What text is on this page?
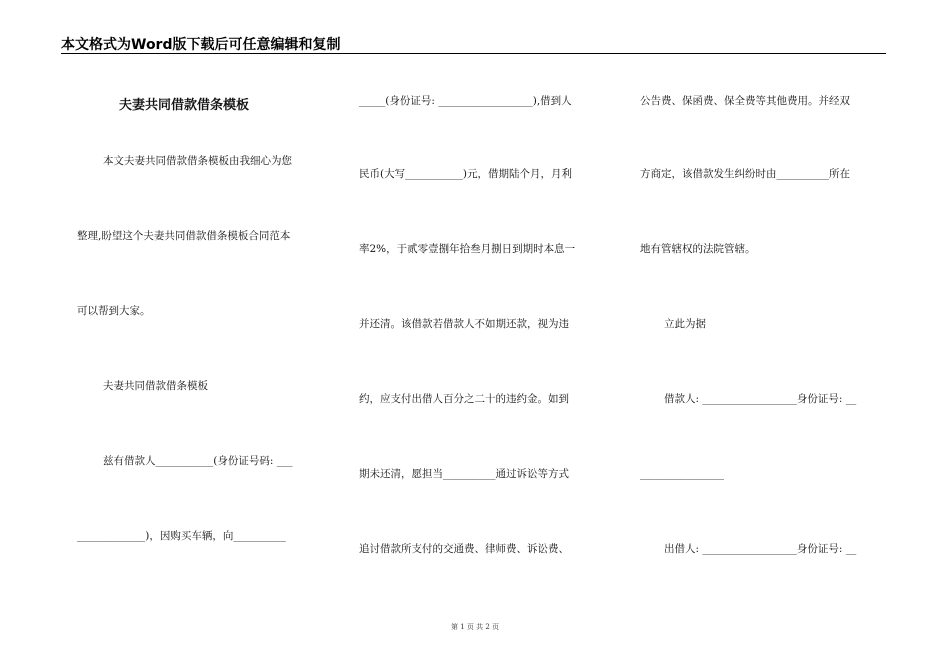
本文格式为Word版下载后可任意编辑和复制
夫妻共同借款借条模板
本文夫妻共同借款借条模板由我细心为您
整理,盼望这个夫妻共同借款借条模板合同范本
可以帮到大家。
夫妻共同借款借条模板
兹有借款人___________(身份证号码: ___
_____________)，因购买车辆，向__________
_____(身份证号: __________________),借到人
民币(大写___________)元，借期陆个月，月利
率2%，于贰零壹捌年拾叁月捌日到期时本息一
并还清。该借款若借款人不如期还款，视为违
约，应支付出借人百分之二十的违约金。如到
期未还清，愿担当__________通过诉讼等方式
追讨借款所支付的交通费、律师费、诉讼费、
公告费、保函费、保全费等其他费用。并经双
方商定，该借款发生纠纷时由__________所在
地有管辖权的法院管辖。
立此为据
借款人: __________________身份证号: __
________________
出借人: __________________身份证号: __
第 1 页 共 2 页
